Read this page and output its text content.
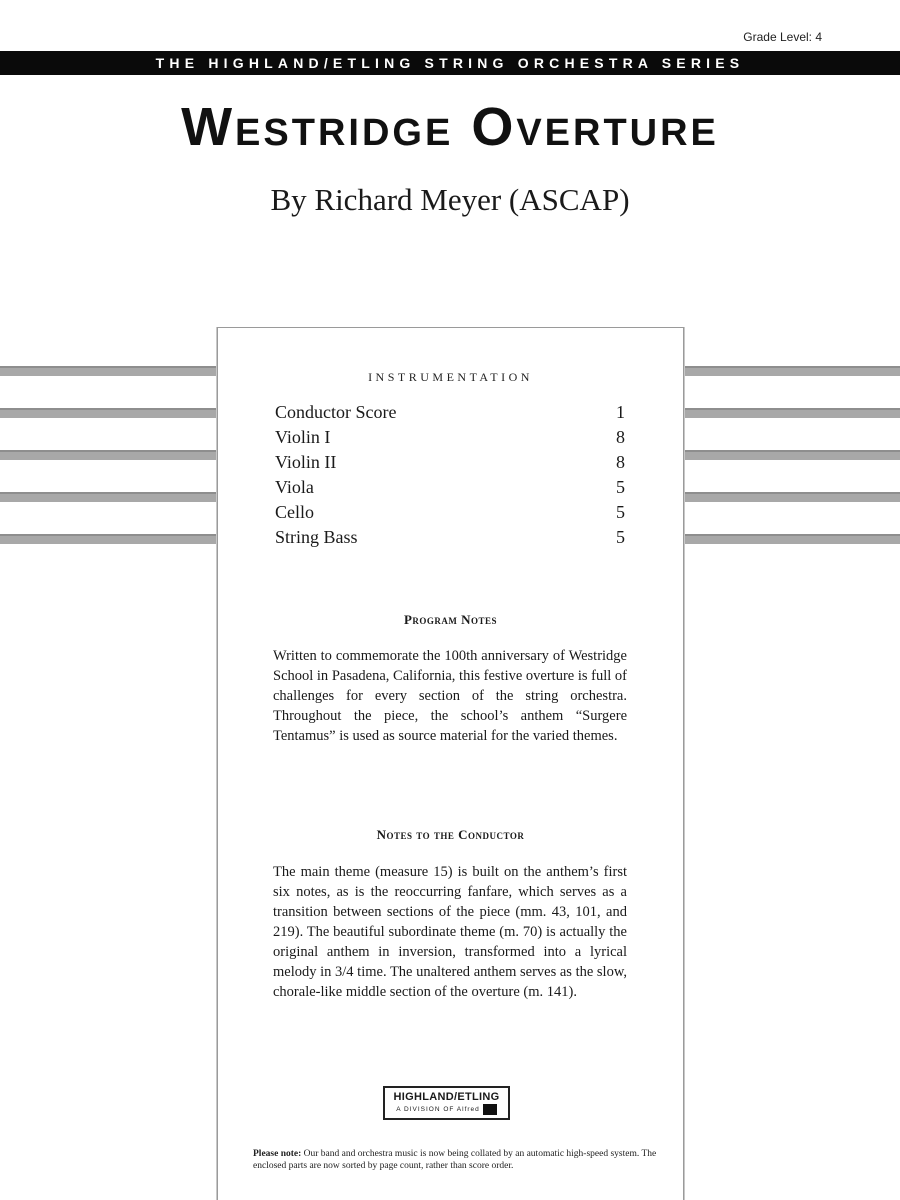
Grade Level: 4
THE HIGHLAND/ETLING STRING ORCHESTRA SERIES
Westridge Overture
By Richard Meyer (ASCAP)
INSTRUMENTATION
Conductor Score	1
Violin I	8
Violin II	8
Viola	5
Cello	5
String Bass	5
Program Notes
Written to commemorate the 100th anniversary of Westridge School in Pasadena, California, this festive overture is full of challenges for every section of the string orchestra. Throughout the piece, the school’s anthem “Surgere Tentamus” is used as source material for the varied themes.
Notes to the Conductor
The main theme (measure 15) is built on the anthem’s first six notes, as is the reoccurring fanfare, which serves as a transition between sections of the piece (mm. 43, 101, and 219). The beautiful subordinate theme (m. 70) is actually the original anthem in inversion, transformed into a lyrical melody in 3/4 time. The unaltered anthem serves as the slow, chorale-like middle section of the overture (m. 141).
HIGHLAND/ETLING
A DIVISION OF Alfred
Please note: Our band and orchestra music is now being collated by an automatic high-speed system. The enclosed parts are now sorted by page count, rather than score order.
